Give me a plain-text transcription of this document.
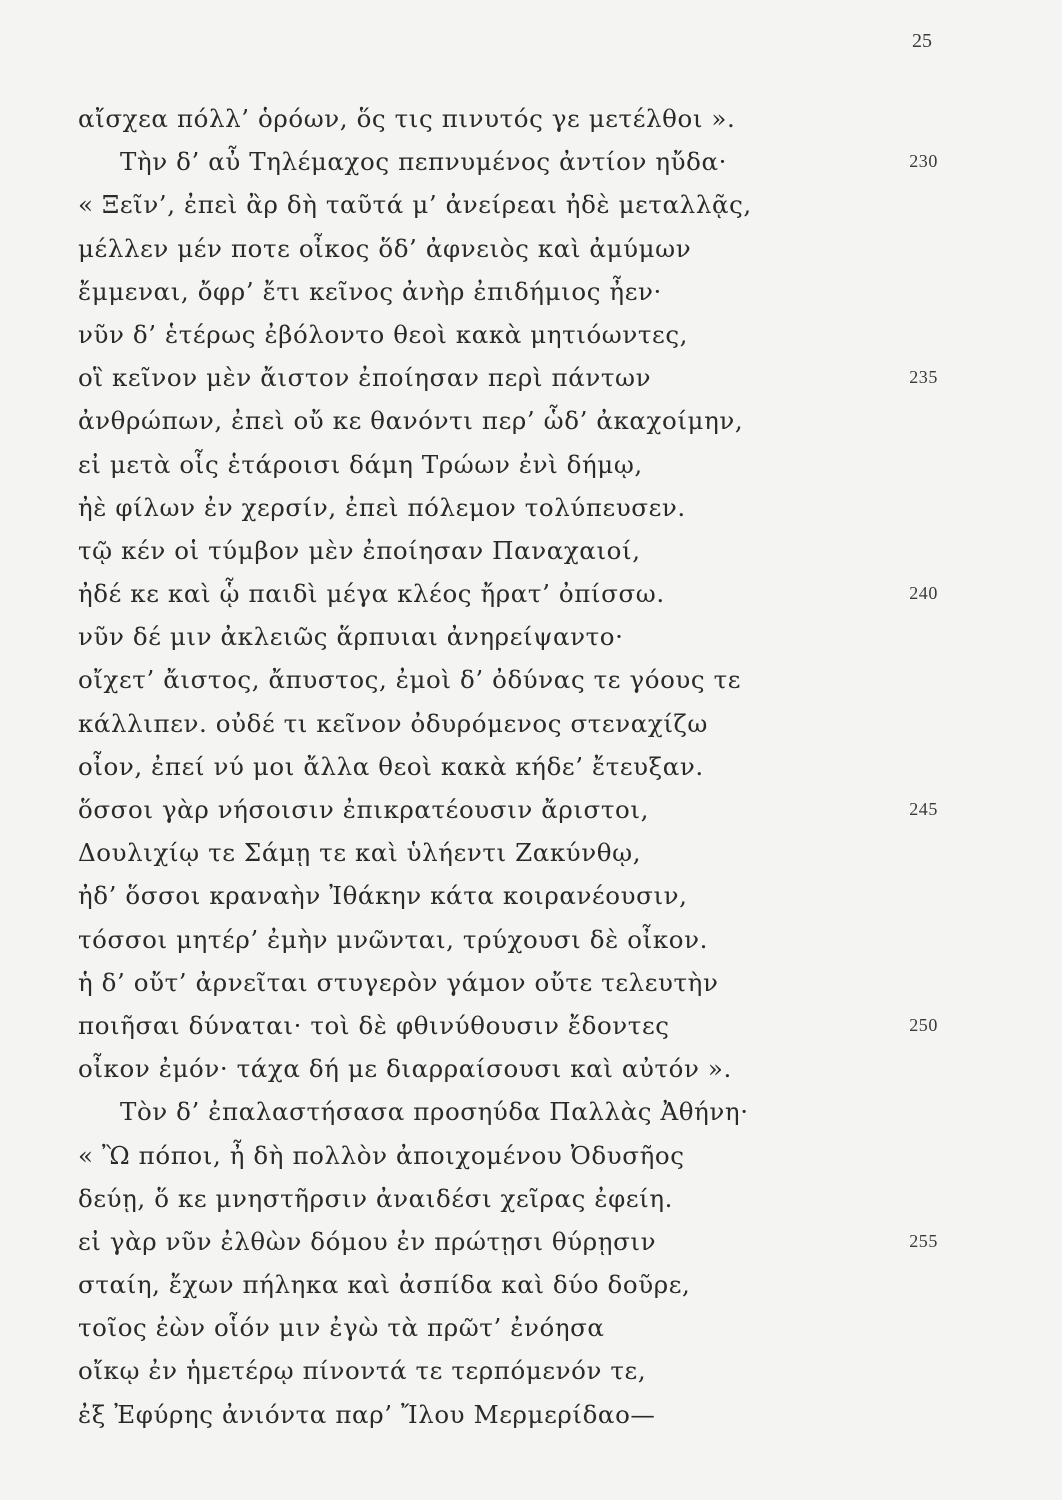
25
αἴσχεα πόλλ’ ὁρόων, ὅς τις πινυτός γε μετέλθοι ».
Τὴν δ’ αὖ Τηλέμαχος πεπνυμένος ἀντίον ηὔδα·	230
« Ξεῖν’, ἐπεὶ ἂρ δὴ ταῦτά μ’ ἀνείρεαι ἠδὲ μεταλλᾷς,
μέλλεν μέν ποτε οἶκος ὅδ’ ἀφνειὸς καὶ ἀμύμων
ἔμμεναι, ὄφρ’ ἔτι κεῖνος ἀνὴρ ἐπιδήμιος ἦεν·
νῦν δ’ ἑτέρως ἐβόλοντο θεοὶ κακὰ μητιόωντες,
οἳ κεῖνον μὲν ἄιστον ἐποίησαν περὶ πάντων	235
ἀνθρώπων, ἐπεὶ οὔ κε θανόντι περ’ ὧδ’ ἀκαχοίμην,
εἰ μετὰ οἷς ἑτάροισι δάμη Τρώων ἐνὶ δήμῳ,
ἠὲ φίλων ἐν χερσίν, ἐπεὶ πόλεμον τολύπευσεν.
τῷ κέν οἱ τύμβον μὲν ἐποίησαν Παναχαιοί,
ἠδέ κε καὶ ᾧ παιδὶ μέγα κλέος ἤρατ’ ὀπίσσω.	240
νῦν δέ μιν ἀκλειῶς ἅρπυιαι ἀνηρείψαντο·
οἴχετ’ ἄιστος, ἄπυστος, ἐμοὶ δ’ ὀδύνας τε γόους τε
κάλλιπεν. οὐδέ τι κεῖνον ὀδυρόμενος στεναχίζω
οἶον, ἐπεί νύ μοι ἄλλα θεοὶ κακὰ κήδε’ ἔτευξαν.
ὅσσοι γὰρ νήσοισιν ἐπικρατέουσιν ἄριστοι,	245
Δουλιχίῳ τε Σάμῃ τε καὶ ὑλήεντι Ζακύνθῳ,
ἠδ’ ὅσσοι κραναὴν Ἰθάκην κάτα κοιρανέουσιν,
τόσσοι μητέρ’ ἐμὴν μνῶνται, τρύχουσι δὲ οἶκον.
ἡ δ’ οὔτ’ ἀρνεῖται στυγερὸν γάμον οὔτε τελευτὴν
ποιῆσαι δύναται· τοὶ δὲ φθινύθουσιν ἔδοντες	250
οἶκον ἐμόν· τάχα δή με διαρραίσουσι καὶ αὐτόν ».
Τὸν δ’ ἐπαλαστήσασα προσηύδα Παλλὰς Ἀθήνη·
« Ὢ πόποι, ἦ δὴ πολλὸν ἀποιχομένου Ὀδυσῆος
δεύῃ, ὅ κε μνηστῆρσιν ἀναιδέσι χεῖρας ἐφείη.
εἰ γὰρ νῦν ἐλθὼν δόμου ἐν πρώτῃσι θύρῃσιν	255
σταίη, ἔχων πήληκα καὶ ἀσπίδα καὶ δύο δοῦρε,
τοῖος ἐὼν οἷόν μιν ἐγὼ τὰ πρῶτ’ ἐνόησα
οἴκῳ ἐν ἡμετέρῳ πίνοντά τε τερπόμενόν τε,
ἐξ Ἐφύρης ἀνιόντα παρ’ Ἴλου Μερμερίδαο—
